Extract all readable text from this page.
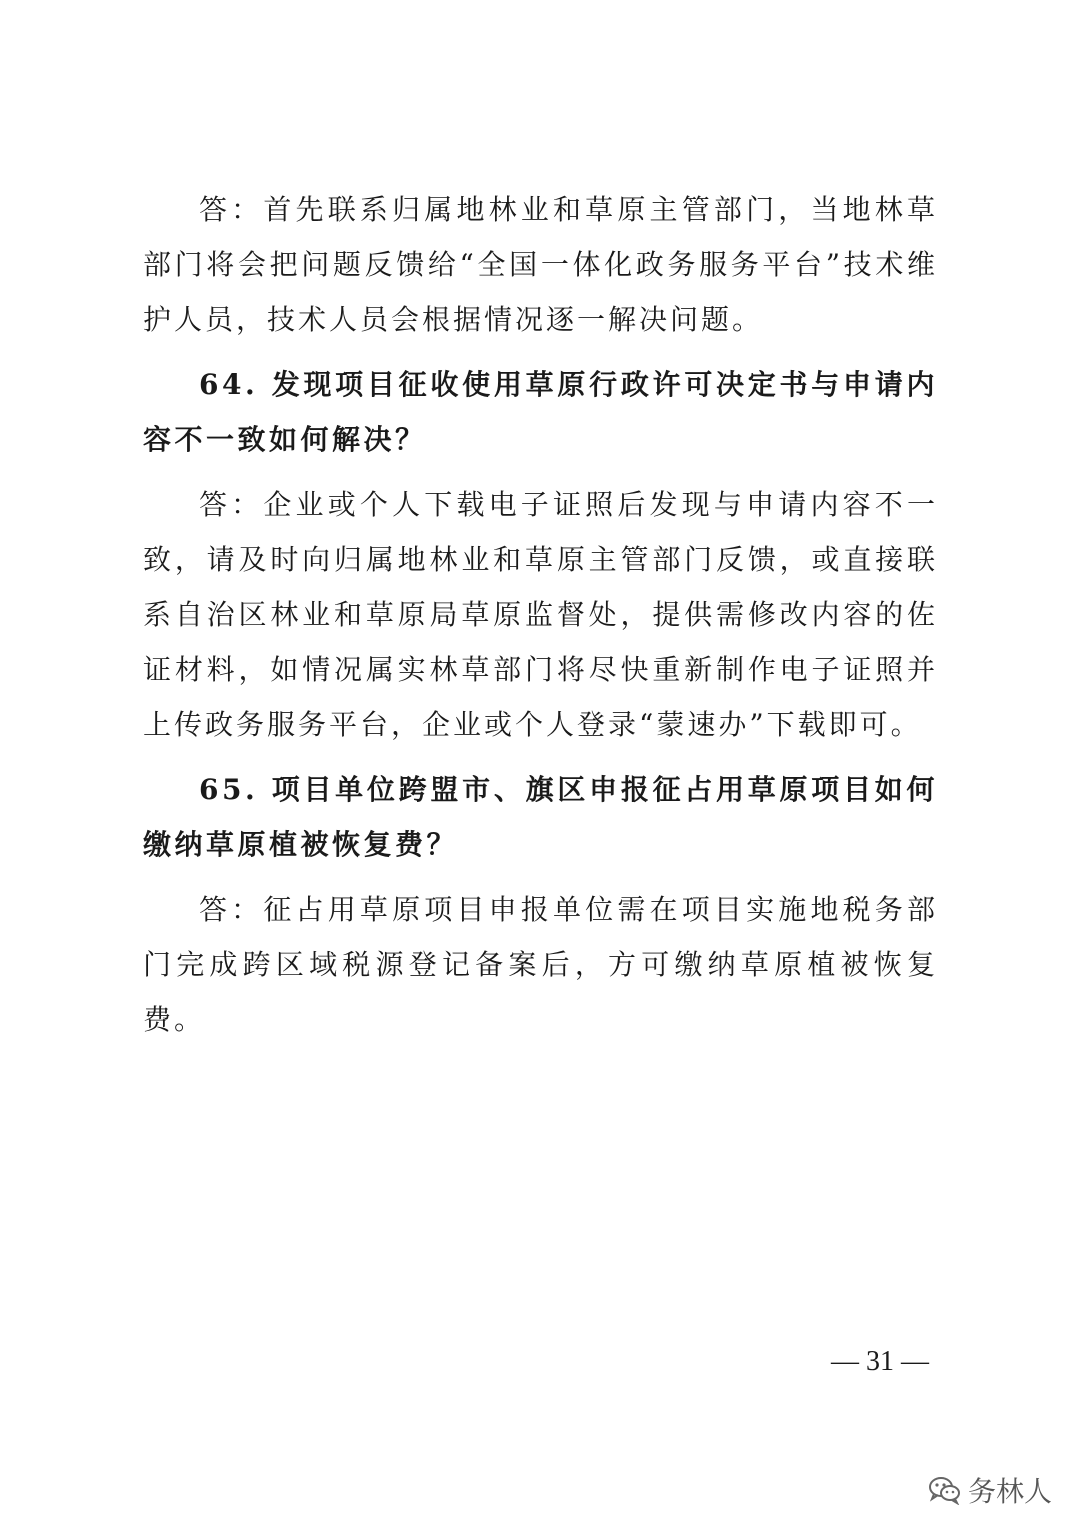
答：首先联系归属地林业和草原主管部门，当地林草部门将会把问题反馈给“全国一体化政务服务平台”技术维护人员，技术人员会根据情况逐一解决问题。

64. 发现项目征收使用草原行政许可决定书与申请内容不一致如何解决？

答：企业或个人下载电子证照后发现与申请内容不一致，请及时向归属地林业和草原主管部门反馈，或直接联系自治区林业和草原局草原监督处，提供需修改内容的佐证材料，如情况属实林草部门将尽快重新制作电子证照并上传政务服务平台，企业或个人登录“蒙速办”下载即可。

65. 项目单位跨盟市、旗区申报征占用草原项目如何缴纳草原植被恢复费？

答：征占用草原项目申报单位需在项目实施地税务部门完成跨区域税源登记备案后，方可缴纳草原植被恢复费。

— 31 —
务林人
